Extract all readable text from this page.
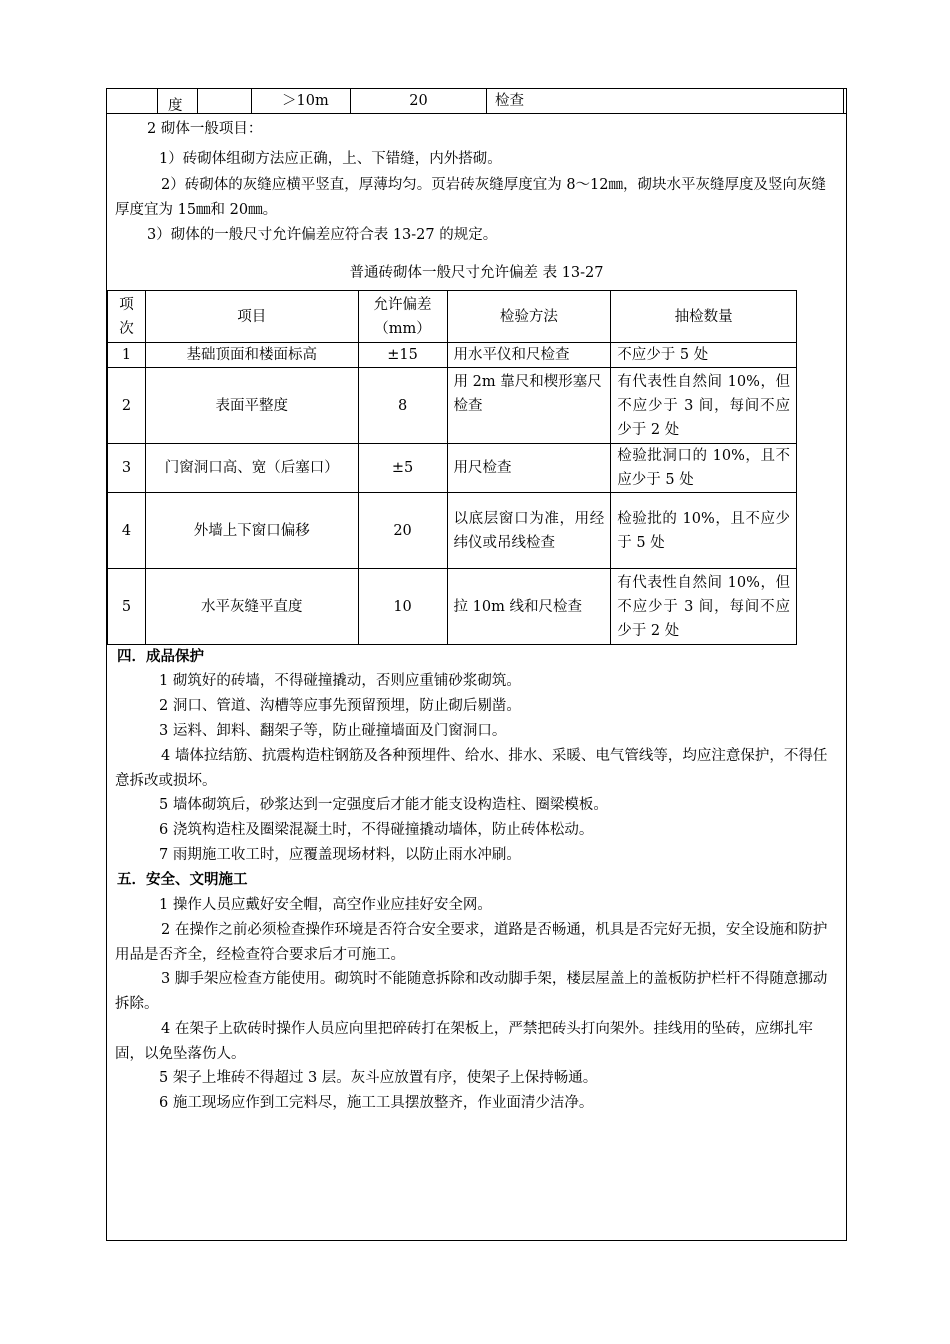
度	＞10m	20	检查

2 砌体一般项目：

1）砖砌体组砌方法应正确，上、下错缝，内外搭砌。

2）砖砌体的灰缝应横平竖直，厚薄均匀。页岩砖灰缝厚度宜为 8～12㎜，砌块水平灰缝厚度及竖向灰缝厚度宜为 15㎜和 20㎜。

3）砌体的一般尺寸允许偏差应符合表 13-27 的规定。

普通砖砌体一般尺寸允许偏差 表 13-27
项次	项目	允许偏差（mm）	检验方法	抽检数量
1	基础顶面和楼面标高	±15	用水平仪和尺检查	不应少于 5 处
2	表面平整度	8	用 2m 靠尺和楔形塞尺检查	有代表性自然间 10%，但不应少于 3 间，每间不应少于 2 处
3	门窗洞口高、宽（后塞口）	±5	用尺检查	检验批洞口的 10%，且不应少于 5 处
4	外墙上下窗口偏移	20	以底层窗口为准，用经纬仪或吊线检查	检验批的 10%，且不应少于 5 处
5	水平灰缝平直度	10	拉 10m 线和尺检查	有代表性自然间 10%，但不应少于 3 间，每间不应少于 2 处

四．成品保护

1 砌筑好的砖墙，不得碰撞撬动，否则应重铺砂浆砌筑。

2 洞口、管道、沟槽等应事先预留预埋，防止砌后剔凿。

3 运料、卸料、翻架子等，防止碰撞墙面及门窗洞口。

4 墙体拉结筋、抗震构造柱钢筋及各种预埋件、给水、排水、采暖、电气管线等，均应注意保护，不得任意拆改或损坏。

5 墙体砌筑后，砂浆达到一定强度后才能才能支设构造柱、圈梁模板。

6 浇筑构造柱及圈梁混凝土时，不得碰撞撬动墙体，防止砖体松动。

7 雨期施工收工时，应覆盖现场材料，以防止雨水冲刷。

五．安全、文明施工

1 操作人员应戴好安全帽，高空作业应挂好安全网。

2 在操作之前必须检查操作环境是否符合安全要求，道路是否畅通，机具是否完好无损，安全设施和防护用品是否齐全，经检查符合要求后才可施工。

3 脚手架应检查方能使用。砌筑时不能随意拆除和改动脚手架，楼层屋盖上的盖板防护栏杆不得随意挪动拆除。

4 在架子上砍砖时操作人员应向里把碎砖打在架板上，严禁把砖头打向架外。挂线用的坠砖，应绑扎牢固，以免坠落伤人。

5 架子上堆砖不得超过 3 层。灰斗应放置有序，使架子上保持畅通。

6 施工现场应作到工完料尽，施工工具摆放整齐，作业面清少洁净。
